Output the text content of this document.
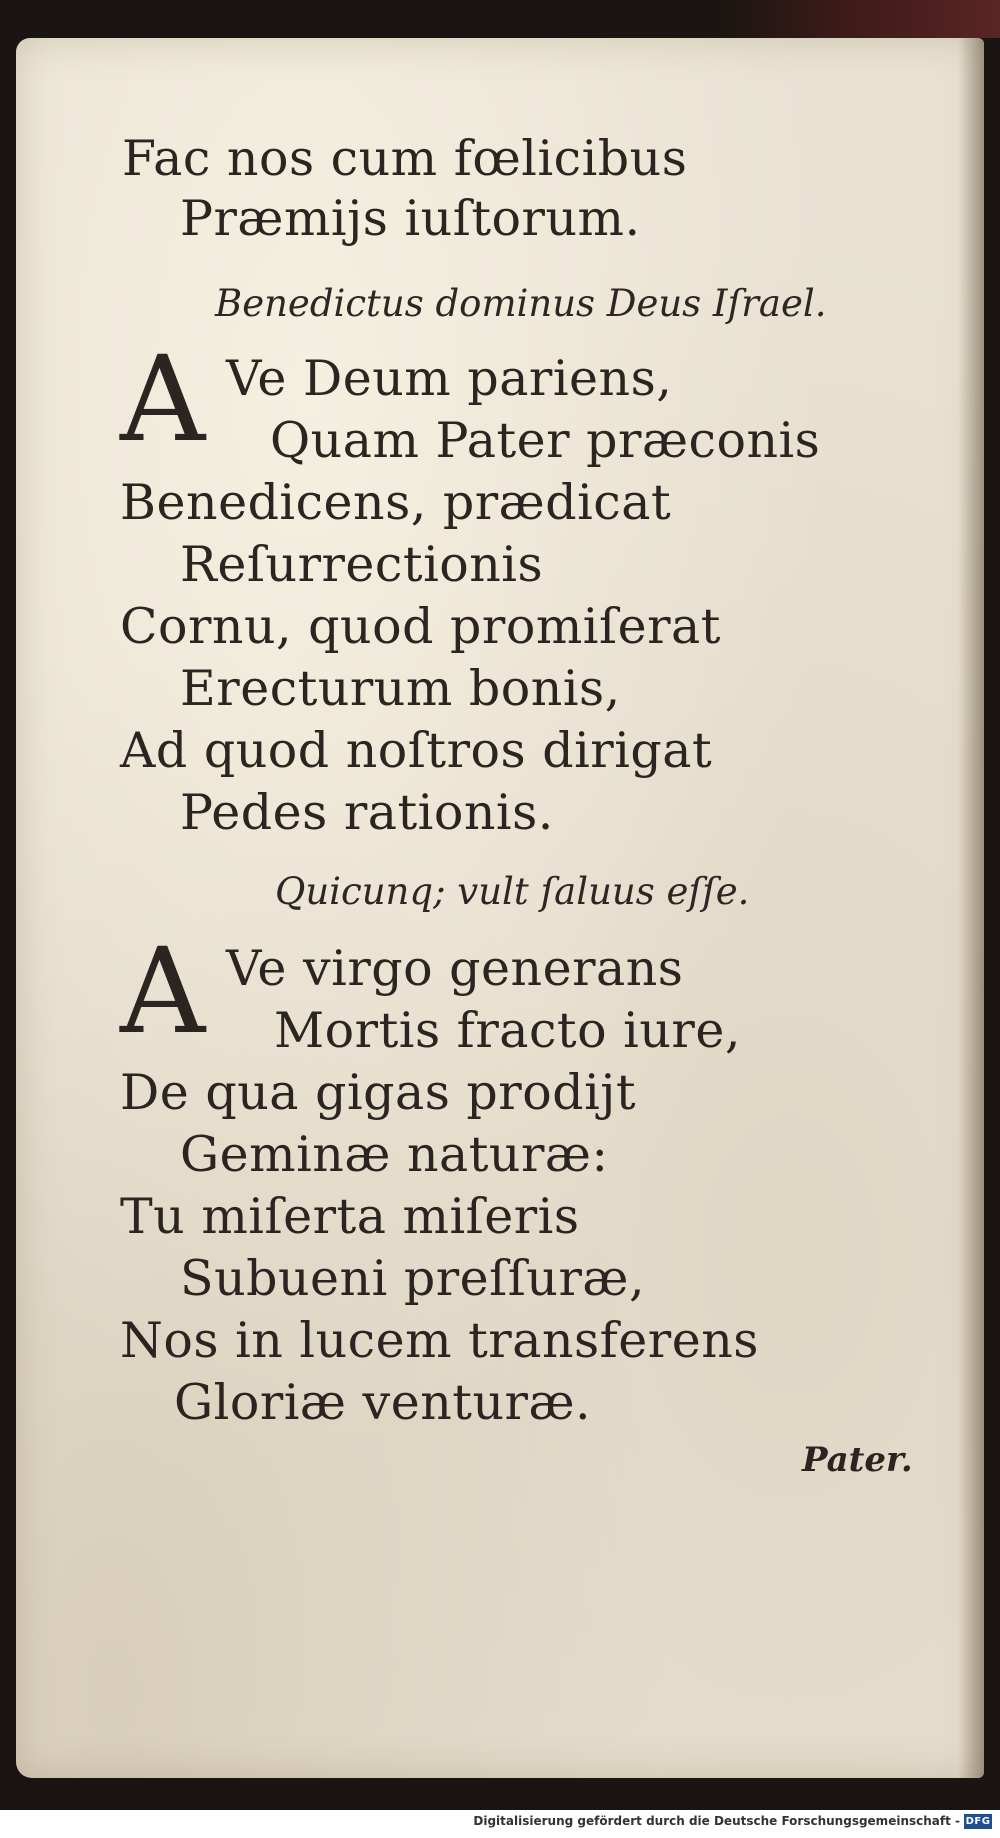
Fac nos cum fœlicibus
Præmijs iuſtorum.
Benedictus dominus Deus Iſrael.
A Ve Deum pariens,
Quam Pater præconis
Benedicens, prædicat
Reſurrectionis
Cornu, quod promiſerat
Erecturum bonis,
Ad quod noſtros dirigat
Pedes rationis.
Quicunq; vult ſaluus eſſe.
A Ve virgo generans
Mortis fracto iure,
De qua gigas prodijt
Geminæ naturæ:
Tu miſerta miſeris
Subueni preſſuræ,
Nos in lucem transferens
Gloriæ venturæ.
Pater.
Digitalisierung gefördert durch die Deutsche Forschungsgemeinschaft - DFG
